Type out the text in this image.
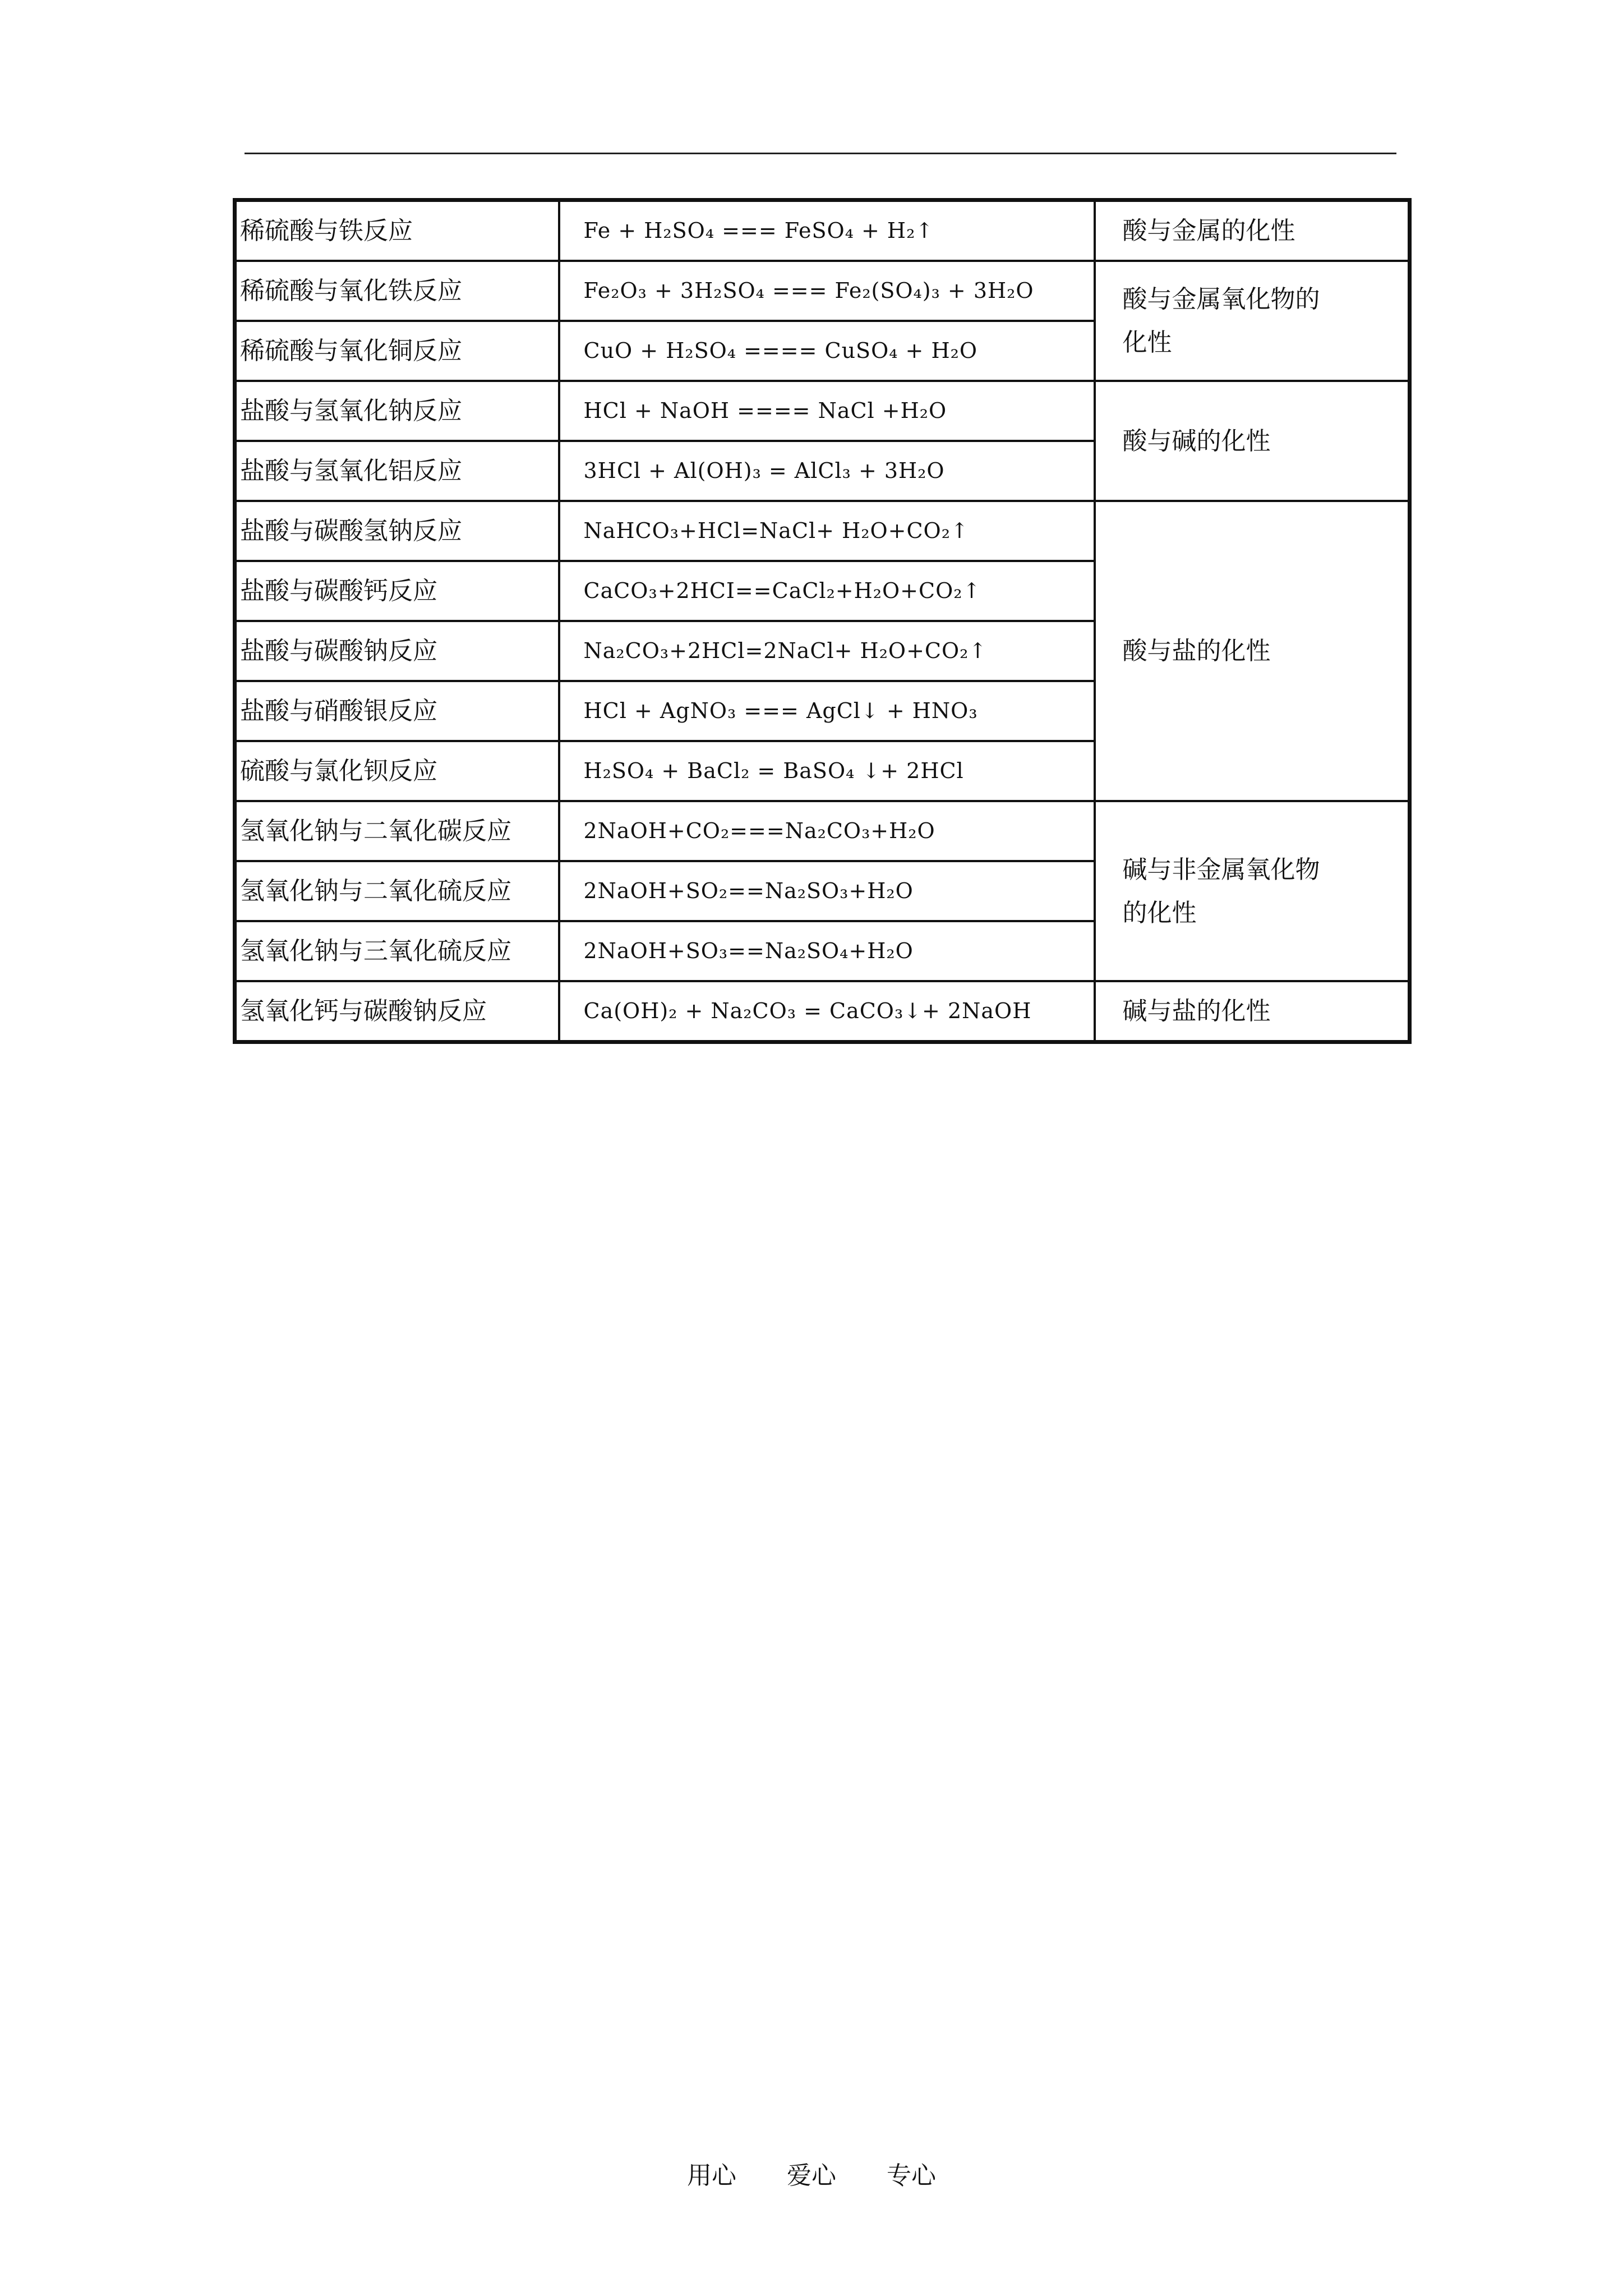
稀硫酸与铁反应	Fe + H₂SO₄ === FeSO₄ + H₂↑	酸与金属的化性

稀硫酸与氧化铁反应	Fe₂O₃ + 3H₂SO₄ === Fe₂(SO₄)₃ + 3H₂O	酸与金属氧化物的化性

稀硫酸与氧化铜反应	CuO + H₂SO₄ ==== CuSO₄ + H₂O	
盐酸与氢氧化钠反应	HCl + NaOH ==== NaCl +H₂O	酸与碱的化性

盐酸与氢氧化铝反应	3HCl + Al(OH)₃ = AlCl₃ + 3H₂O	
盐酸与碳酸氢钠反应	NaHCO₃+HCl=NaCl+ H₂O+CO₂↑	酸与盐的化性

盐酸与碳酸钙反应	CaCO₃+2HCI==CaCl₂+H₂O+CO₂↑	
盐酸与碳酸钠反应	Na₂CO₃+2HCl=2NaCl+ H₂O+CO₂↑	
盐酸与硝酸银反应	HCl + AgNO₃ === AgCl↓ + HNO₃	
硫酸与氯化钡反应	H₂SO₄ + BaCl₂ = BaSO₄ ↓+ 2HCl	
氢氧化钠与二氧化碳反应	2NaOH+CO₂===Na₂CO₃+H₂O	碱与非金属氧化物的化性

氢氧化钠与二氧化硫反应	2NaOH+SO₂==Na₂SO₃+H₂O	
氢氧化钠与三氧化硫反应	2NaOH+SO₃==Na₂SO₄+H₂O	
氢氧化钙与碳酸钠反应	Ca(OH)₂ + Na₂CO₃ = CaCO₃↓+ 2NaOH	碱与盐的化性
用心 爱心 专心
